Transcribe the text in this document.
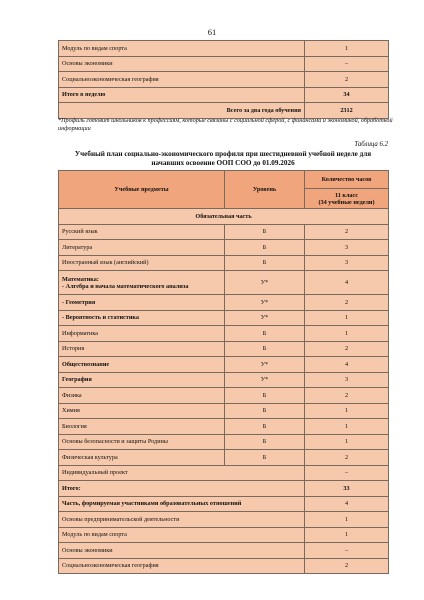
61
Модуль по видам спорта	1
Основы экономики	–
Социальноэкономическая география	2
Итого в неделю	34
Всего за два года обучения	2312
*Профиль готовит школьников к профессиям, которые связаны с социальной сферой, с финансами и экономикой, обработкой информации
Таблица 6.2
Учебный план социально-экономического профиля при шестидневной учебной неделе для начавших освоение ООП СОО до 01.09.2026
Учебные предметы	Уровень	Количество часов

		11 класс
(34 учебные недели)

Обязательная часть		
Русский язык	Б	2
Литература	Б	3
Иностранный язык (английский)	Б	3

Математика:
- Алгебра и начала математического анализа	У*	4
- Геометрия	У*	2
- Вероятность и статистика	У*	1
Информатика	Б	1
История	Б	2
Обществознание	У*	4
География	У*	3
Физика	Б	2
Химия	Б	1
Биология	Б	1
Основы безопасности и защиты Родины	Б	1
Физическая культура	Б	2
Индивидуальный проект		–
Итого:		33
Часть, формируемая участниками образовательных отношений		4
Основы предпринимательской деятельности		1
Модуль по видам спорта		1
Основы экономики		–
Социальноэкономическая география		2
